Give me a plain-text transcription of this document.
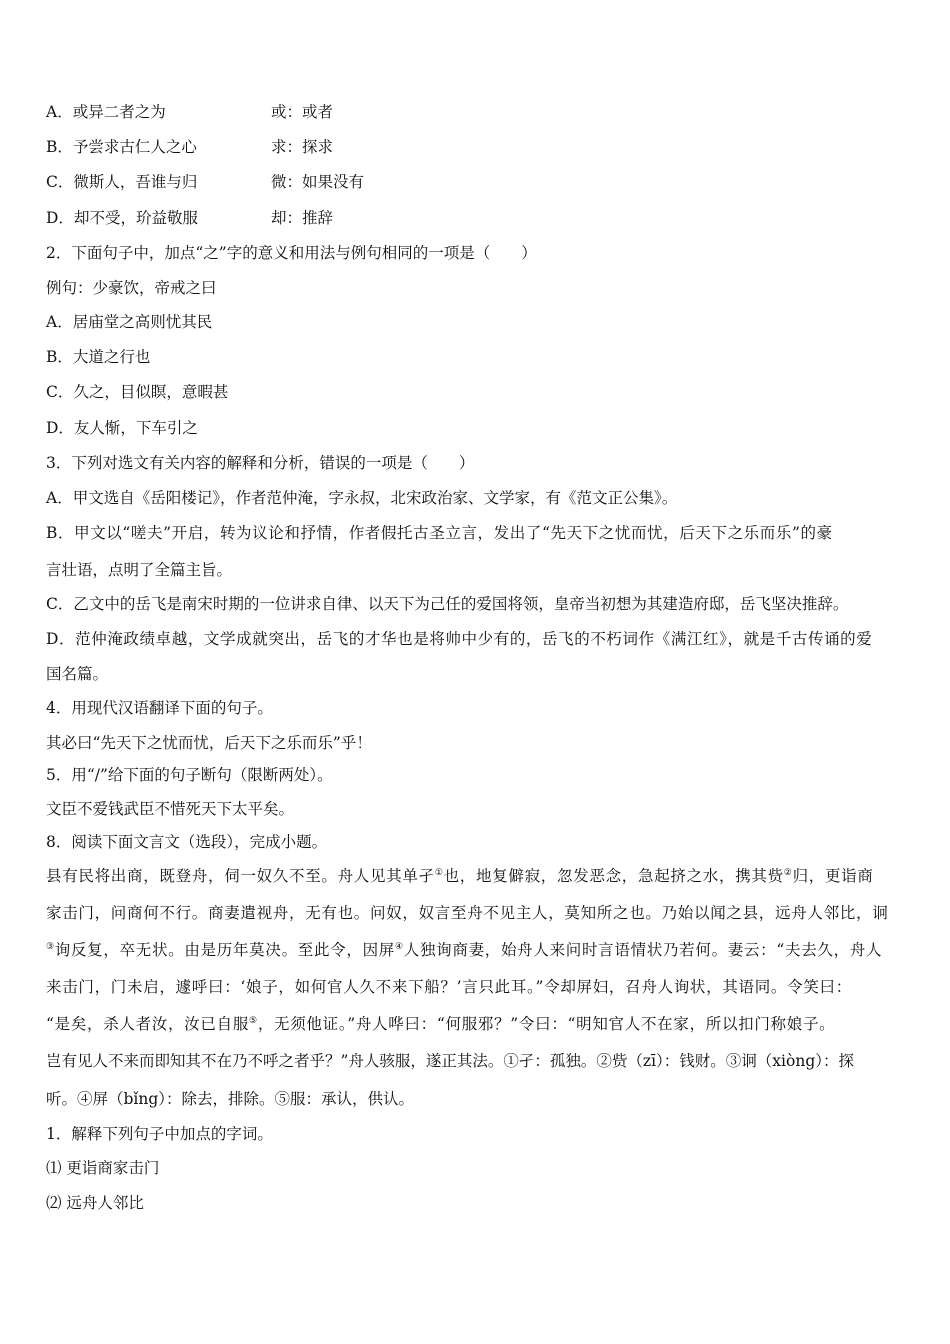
A．或异二者之为	或：或者
B．予尝求古仁人之心	求：探求
C．微斯人，吾谁与归	微：如果没有
D．却不受，玠益敬服	却：推辞
2．下面句子中，加点“之”字的意义和用法与例句相同的一项是（　　）
例句：少豪饮，帝戒之曰
A．居庙堂之高则忧其民
B．大道之行也
C．久之，目似瞑，意暇甚
D．友人惭，下车引之
3．下列对选文有关内容的解释和分析，错误的一项是（　　）
A．甲文选自《岳阳楼记》，作者范仲淹，字永叔，北宋政治家、文学家，有《范文正公集》。
B．甲文以“嗟夫”开启，转为议论和抒情，作者假托古圣立言，发出了“先天下之忧而忧，后天下之乐而乐”的豪
言壮语，点明了全篇主旨。
C．乙文中的岳飞是南宋时期的一位讲求自律、以天下为己任的爱国将领，皇帝当初想为其建造府邸，岳飞坚决推辞。
D．范仲淹政绩卓越，文学成就突出，岳飞的才华也是将帅中少有的，岳飞的不朽词作《满江红》，就是千古传诵的爱
国名篇。
4．用现代汉语翻译下面的句子。
其必曰“先天下之忧而忧，后天下之乐而乐”乎！
5．用“/”给下面的句子断句（限断两处）。
文臣不爱钱武臣不惜死天下太平矣。
8．阅读下面文言文（选段），完成小题。
县有民将出商，既登舟，伺一奴久不至。舟人见其单孑①也，地复僻寂，忽发恶念，急起挤之水，携其赀②归，更诣商
家击门，问商何不行。商妻遣视舟，无有也。问奴，奴言至舟不见主人，莫知所之也。乃始以闻之县，远舟人邻比，诇
③询反复，卒无状。由是历年莫决。至此令，因屏④人独询商妻，始舟人来问时言语情状乃若何。妻云：“夫去久，舟人
来击门，门未启，遽呼曰：‘娘子，如何官人久不来下船？’言只此耳。”令却屏妇，召舟人询状，其语同。令笑曰：
“是矣，杀人者汝，汝已自服⑤，无须他证。”舟人哗曰：“何服邪？”令曰：“明知官人不在家，所以扣门称娘子。
岂有见人不来而即知其不在乃不呼之者乎？”舟人骇服，遂正其法。①孑：孤独。②赀（zī）：钱财。③诇（xiòng）：探
听。④屏（bǐng）：除去，排除。⑤服：承认，供认。
1．解释下列句子中加点的字词。
⑴ 更诣商家击门
⑵ 远舟人邻比
